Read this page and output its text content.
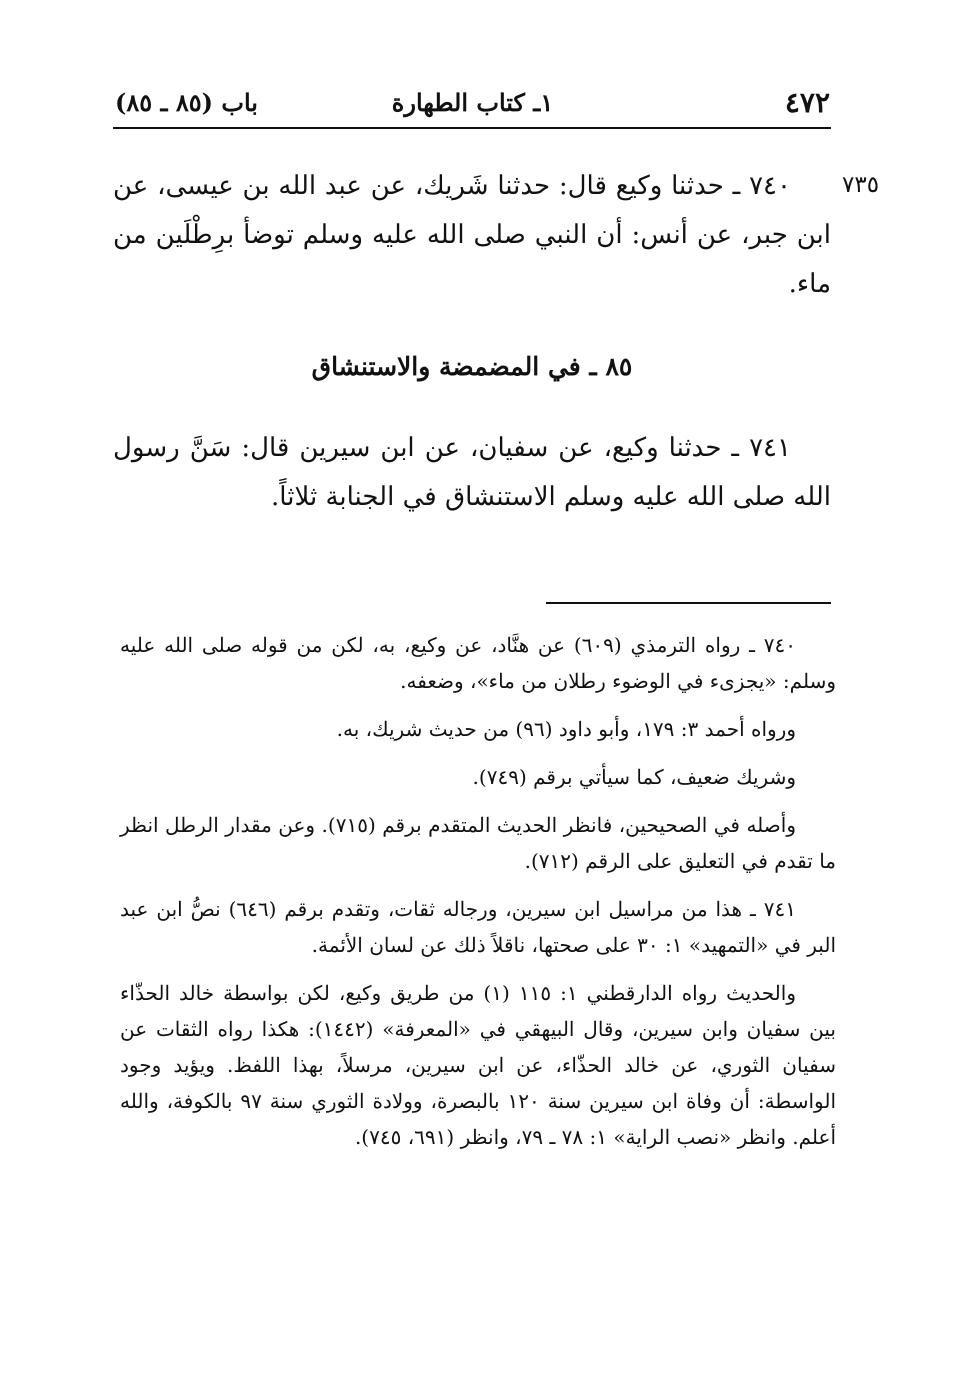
٤٧٢
١ـ كتاب الطهارة
باب (٨٥ ـ ٨٥)
٧٣٥

٧٤٠ ـ حدثنا وكيع قال: حدثنا شَريك، عن عبد الله بن عيسى، عن ابن جبر، عن أنس: أن النبي صلى الله عليه وسلم توضأ برِطْلَين من ماء.

٨٥ ـ في المضمضة والاستنشاق

٧٤١ ـ حدثنا وكيع، عن سفيان، عن ابن سيرين قال: سَنَّ رسول الله صلى الله عليه وسلم الاستنشاق في الجنابة ثلاثاً.

٧٤٠ ـ رواه الترمذي (٦٠٩) عن هنَّاد، عن وكيع، به، لكن من قوله صلى الله عليه وسلم: «يجزىء في الوضوء رطلان من ماء»، وضعفه.

ورواه أحمد ٣: ١٧٩، وأبو داود (٩٦) من حديث شريك، به.

وشريك ضعيف، كما سيأتي برقم (٧٤٩).

وأصله في الصحيحين، فانظر الحديث المتقدم برقم (٧١٥). وعن مقدار الرطل انظر ما تقدم في التعليق على الرقم (٧١٢).

٧٤١ ـ هذا من مراسيل ابن سيرين، ورجاله ثقات، وتقدم برقم (٦٤٦) نصُّ ابن عبد البر في «التمهيد» ١: ٣٠ على صحتها، ناقلاً ذلك عن لسان الأئمة.

والحديث رواه الدارقطني ١: ١١٥ (١) من طريق وكيع، لكن بواسطة خالد الحذّاء بين سفيان وابن سيرين، وقال البيهقي في «المعرفة» (١٤٤٢): هكذا رواه الثقات عن سفيان الثوري، عن خالد الحذّاء، عن ابن سيرين، مرسلاً، بهذا اللفظ. ويؤيد وجود الواسطة: أن وفاة ابن سيرين سنة ١٢٠ بالبصرة، وولادة الثوري سنة ٩٧ بالكوفة، والله أعلم. وانظر «نصب الراية» ١: ٧٨ ـ ٧٩، وانظر (٦٩١، ٧٤٥).
